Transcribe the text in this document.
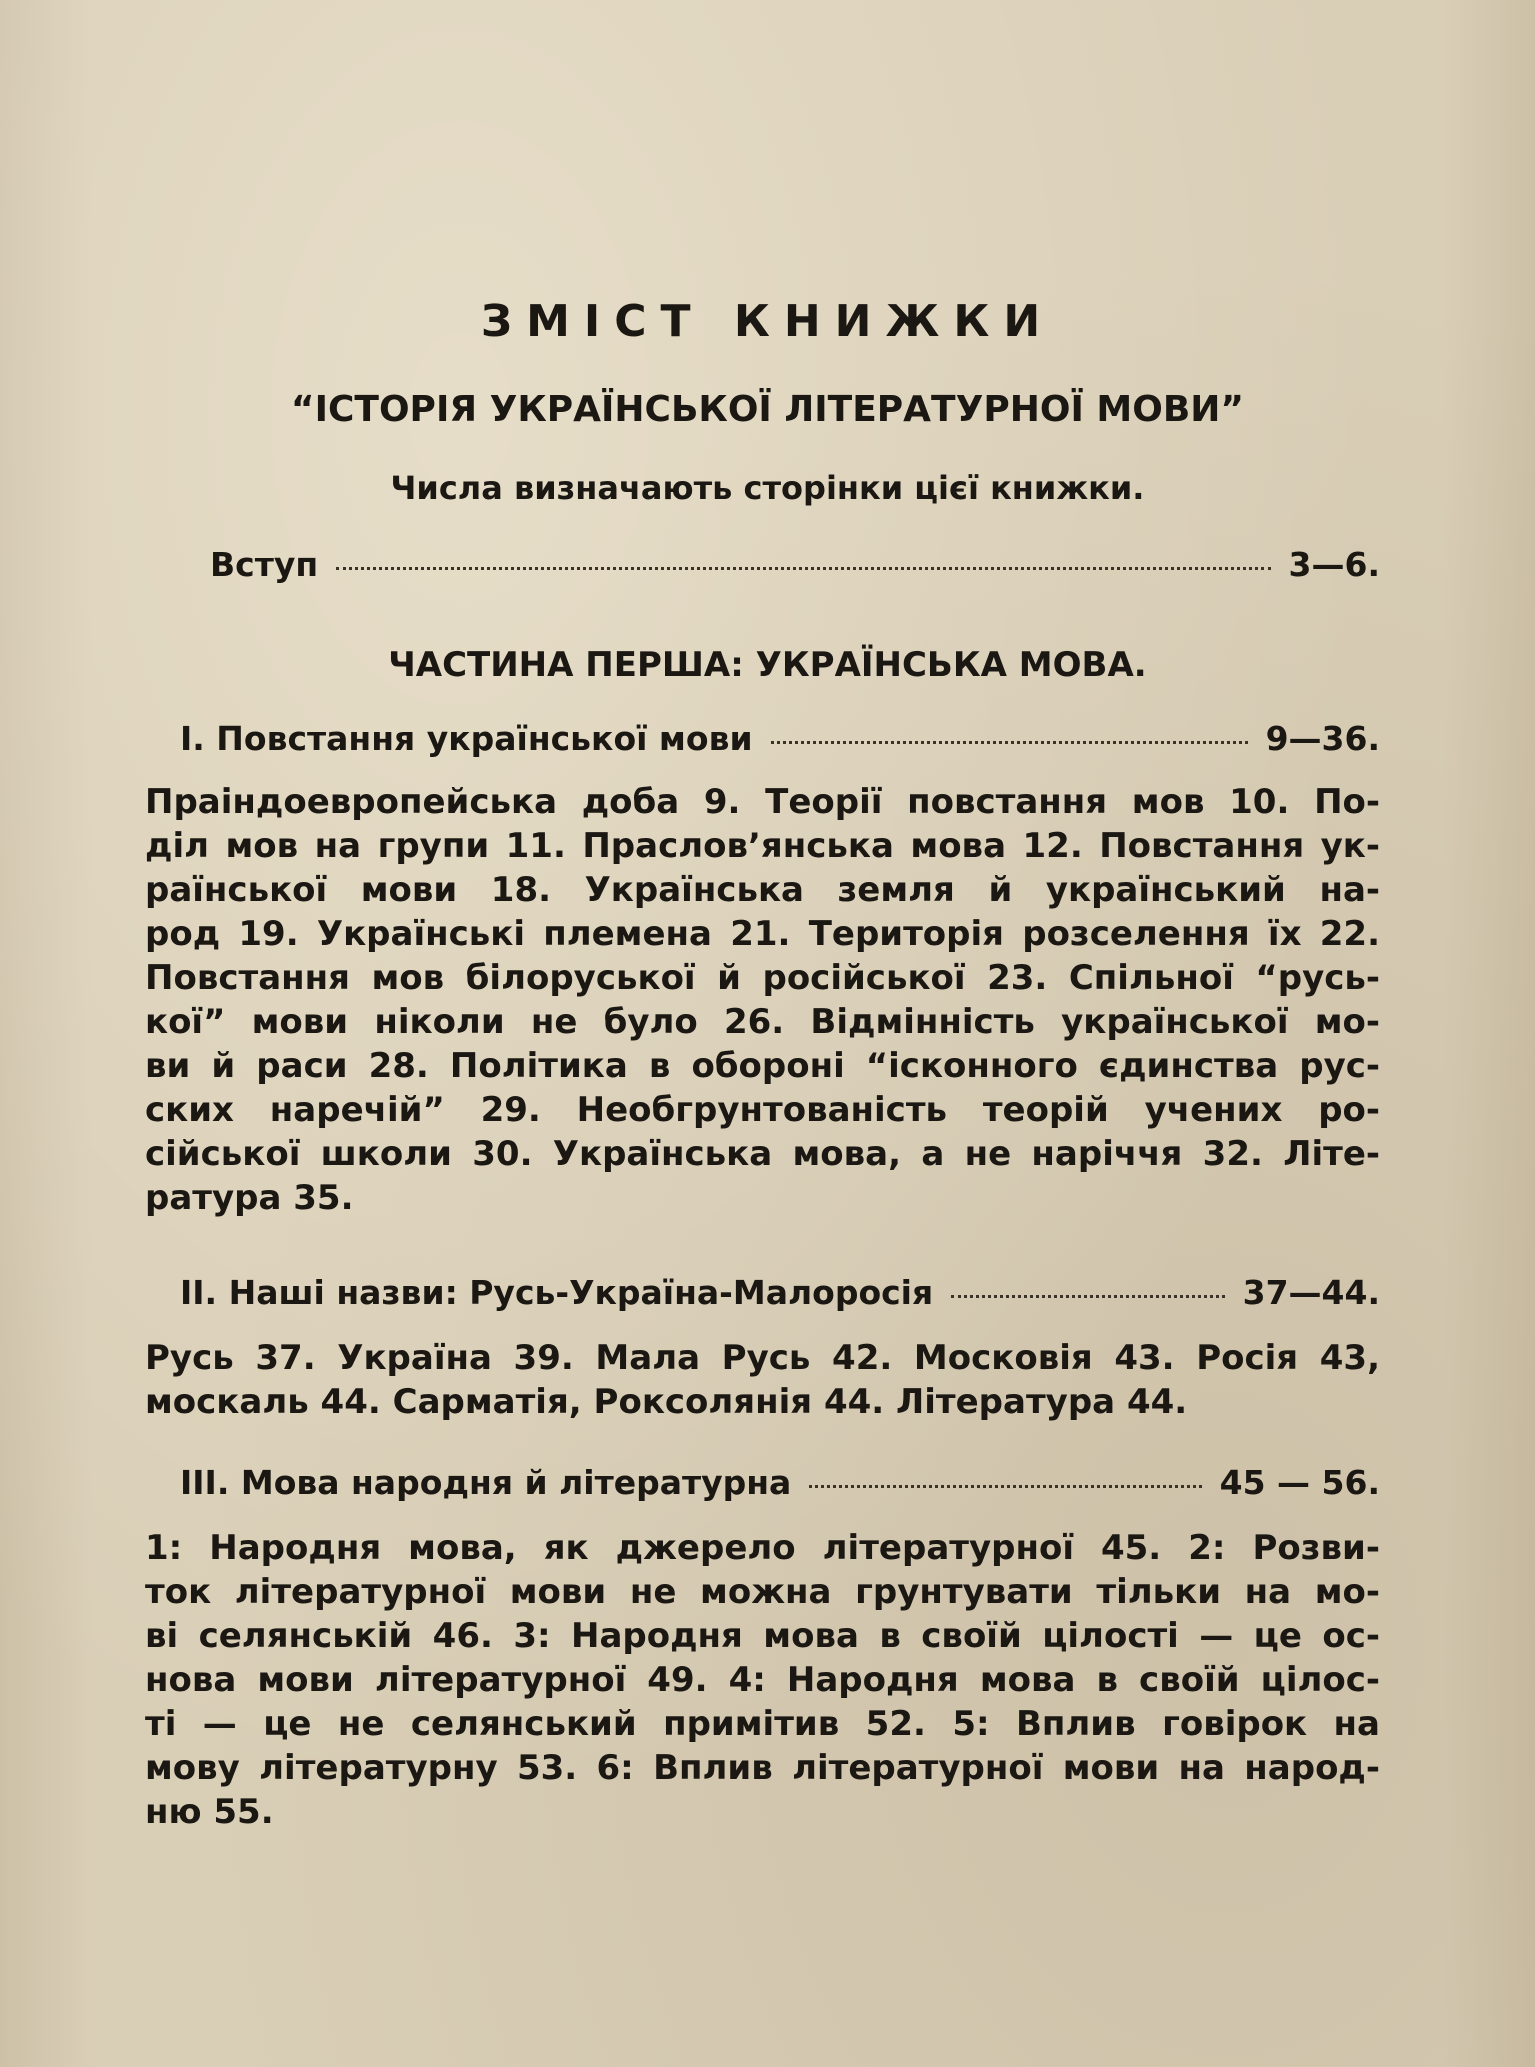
ЗМІСТ КНИЖКИ
“ІСТОРІЯ УКРАЇНСЬКОЇ ЛІТЕРАТУРНОЇ МОВИ”
Числа визначають сторінки цієї книжки.
Вступ	3—6.
ЧАСТИНА ПЕРША: УКРАЇНСЬКА МОВА.
І. Повстання української мови	9—36.
Праіндоевропейська доба 9. Теорії повстання мов 10. По-
діл мов на групи 11. Праслов’янська мова 12. Повстання ук-
раїнської мови 18. Українська земля й український на-
род 19. Українські племена 21. Територія розселення їх 22.
Повстання мов білоруської й російської 23. Спільної “русь-
кої” мови ніколи не було 26. Відмінність української мо-
ви й раси 28. Політика в обороні “ісконного єдинства рус-
ских наречій” 29. Необгрунтованість теорій учених ро-
сійської школи 30. Українська мова, а не наріччя 32. Літе-
ратура 35.
ІІ. Наші назви: Русь-Україна-Малоросія	37—44.
Русь 37. Україна 39. Мала Русь 42. Московія 43. Росія 43,
москаль 44. Сарматія, Роксолянія 44. Література 44.
ІІІ. Мова народня й літературна	45 — 56.
1: Народня мова, як джерело літературної 45. 2: Розви-
ток літературної мови не можна грунтувати тільки на мо-
ві селянській 46. 3: Народня мова в своїй цілості — це ос-
нова мови літературної 49. 4: Народня мова в своїй цілос-
ті — це не селянський примітив 52. 5: Вплив говірок на
мову літературну 53. 6: Вплив літературної мови на народ-
ню 55.
